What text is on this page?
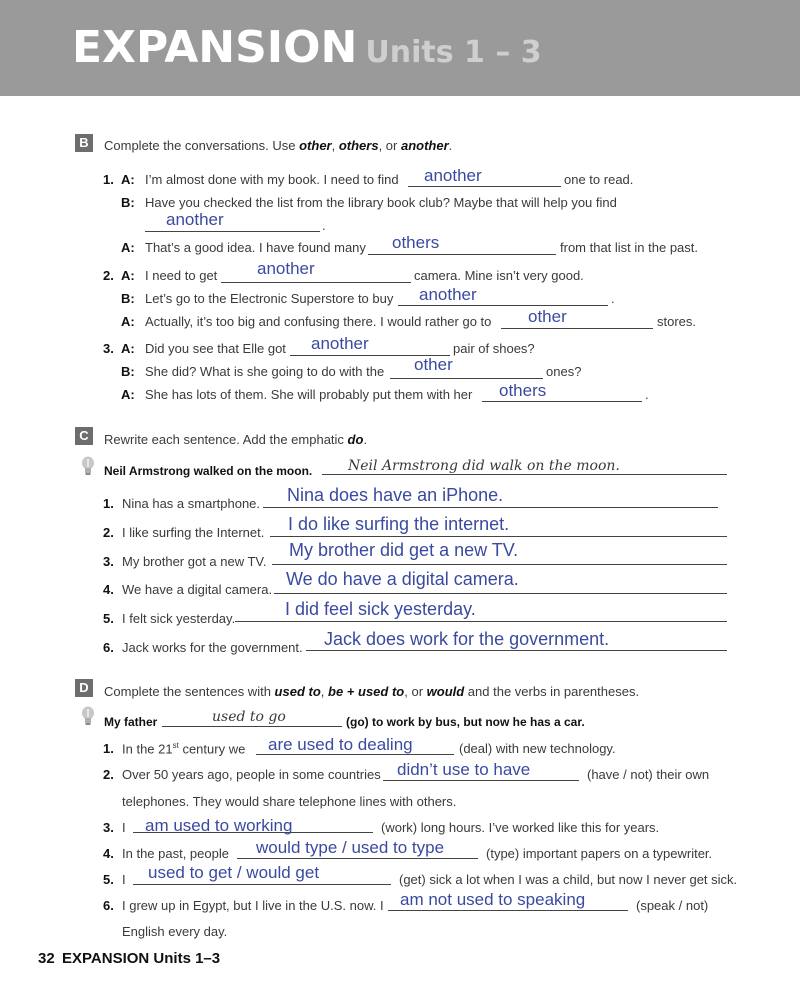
EXPANSION Units 1 – 3
B	Complete the conversations. Use other, others, or another.
1. A: I’m almost done with my book. I need to find another	one to read.
B: Have you checked the list from the library book club? Maybe that will help you find
another	.
A: That’s a good idea. I have found many others	from that list in the past.
2. A: I need to get another	camera. Mine isn’t very good.
B: Let’s go to the Electronic Superstore to buy another	.
A: Actually, it’s too big and confusing there. I would rather go to other	stores.
3. A: Did you see that Elle got another	pair of shoes?
B: She did? What is she going to do with the other	ones?
A: She has lots of them. She will probably put them with her others	.
C	Rewrite each sentence. Add the emphatic do.
Neil Armstrong walked on the moon.	Neil Armstrong did walk on the moon.
1. Nina has a smartphone. Nina does have an iPhone.
2. I like surfing the Internet. I do like surfing the internet.
3. My brother got a new TV.
My brother did get a new TV.
4. We have a digital camera.
We do have a digital camera.
5. I felt sick yesterday.	I did feel sick yesterday.
6. Jack works for the government. Jack does work for the government.
D	Complete the sentences with used to, be + used to, or would and the verbs in parentheses.
My father	used to go	(go) to work by bus, but now he has a car.
1. In the 21st century we are used to dealing	(deal) with new technology.
2. Over 50 years ago, people in some countries didn’t use to have	(have / not) their own
telephones. They would share telephone lines with others.
3. I am used to working	(work) long hours. I’ve worked like this for years.
4. In the past, people would type / used to type	(type) important papers on a typewriter.
5. I used to get / would get	(get) sick a lot when I was a child, but now I never get sick.
6. I grew up in Egypt, but I live in the U.S. now. I am not used to speaking	(speak / not)
English every day.
32 EXPANSION Units 1–3
